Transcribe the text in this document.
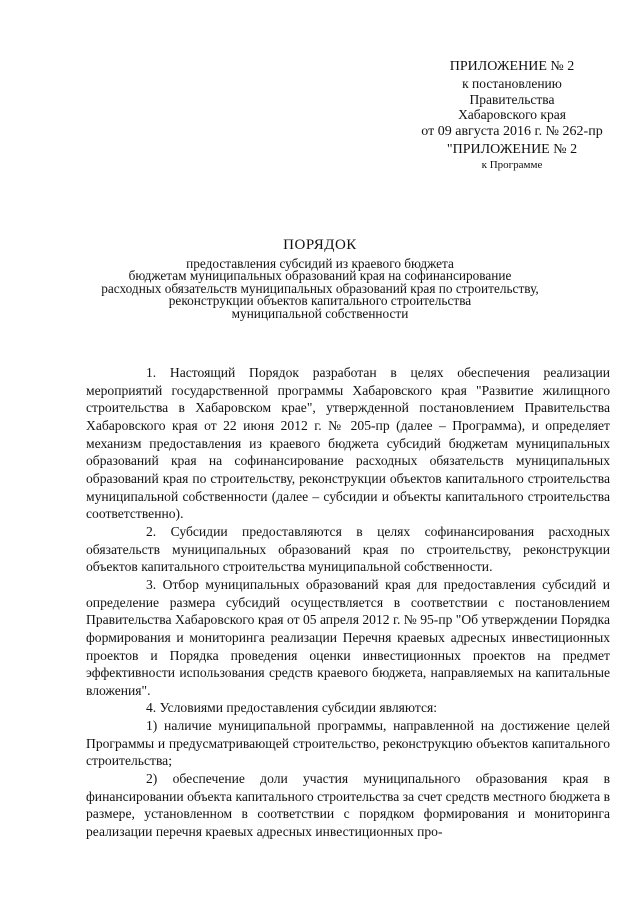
ПРИЛОЖЕНИЕ № 2
к постановлению
Правительства
Хабаровского края
от 09 августа 2016 г. № 262-пр
"ПРИЛОЖЕНИЕ № 2
к Программе
ПОРЯДОК
предоставления субсидий из краевого бюджета
бюджетам муниципальных образований края на софинансирование
расходных обязательств муниципальных образований края по строительству,
реконструкции объектов капитального строительства
муниципальной собственности

1. Настоящий Порядок разработан в целях обеспечения реализации мероприятий государственной программы Хабаровского края "Развитие жилищного строительства в Хабаровском крае", утвержденной постановлением Правительства Хабаровского края от 22 июня 2012 г. № 205-пр (далее – Программа), и определяет механизм предоставления из краевого бюджета субсидий бюджетам муниципальных образований края на софинансирование расходных обязательств муниципальных образований края по строительству, реконструкции объектов капитального строительства муниципальной собственности (далее – субсидии и объекты капитального строительства соответственно).

2. Субсидии предоставляются в целях софинансирования расходных обязательств муниципальных образований края по строительству, реконструкции объектов капитального строительства муниципальной собственности.

3. Отбор муниципальных образований края для предоставления субсидий и определение размера субсидий осуществляется в соответствии с постановлением Правительства Хабаровского края от 05 апреля 2012 г. № 95-пр "Об утверждении Порядка формирования и мониторинга реализации Перечня краевых адресных инвестиционных проектов и Порядка проведения оценки инвестиционных проектов на предмет эффективности использования средств краевого бюджета, направляемых на капитальные вложения".

4. Условиями предоставления субсидии являются:

1) наличие муниципальной программы, направленной на достижение целей Программы и предусматривающей строительство, реконструкцию объектов капитального строительства;

2) обеспечение доли участия муниципального образования края в финансировании объекта капитального строительства за счет средств местного бюджета в размере, установленном в соответствии с порядком формирования и мониторинга реализации перечня краевых адресных инвестиционных про-
